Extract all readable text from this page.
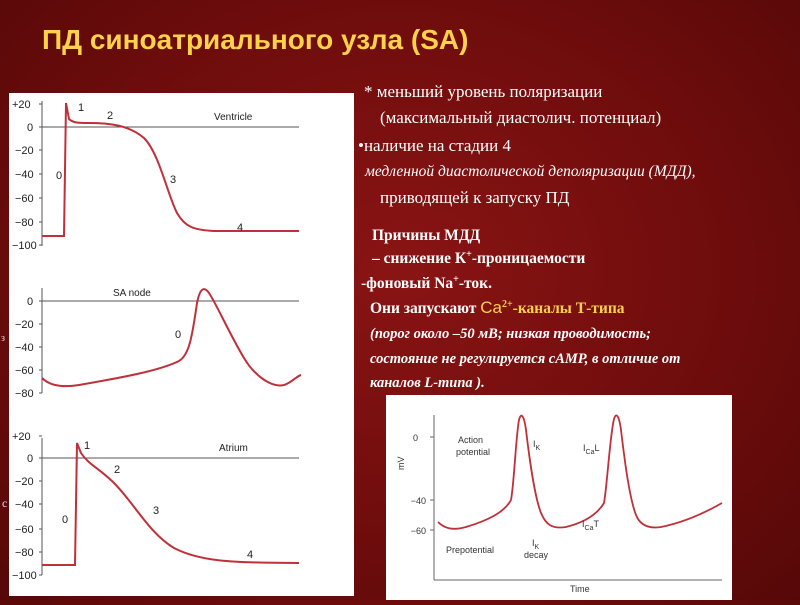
ПД синоатриального узла (SA)
* меньший уровень поляризации
(максимальный диастолич. потенциал)
•наличие на стадии 4
медленной диастолической деполяризации (МДД),
приводящей к запуску ПД
Причины МДД
– снижение К+-проницаемости
-фоновый Na+-ток.
Они запускают $Ca^{2+}$-каналы Т-типа
(порог около –50 мВ; низкая проводимость;
состояние не регулируется cAMP, в отличие от
каналов L-типа ).
з
c
+20
0
−20
−40
−60
−80
−100
Ventricle
1
2
3
4
0
0
−20
−40
−60
−80
SA node
0
+20
0
−20
−40
−60
−80
−100
Atrium
1
2
3
4
0
0
−40
−60
mV
Time
Action
potential
$I_K$	$I_{Ca}L$
$I_{Ca}T$
Prepotential
$I_K$
decay
